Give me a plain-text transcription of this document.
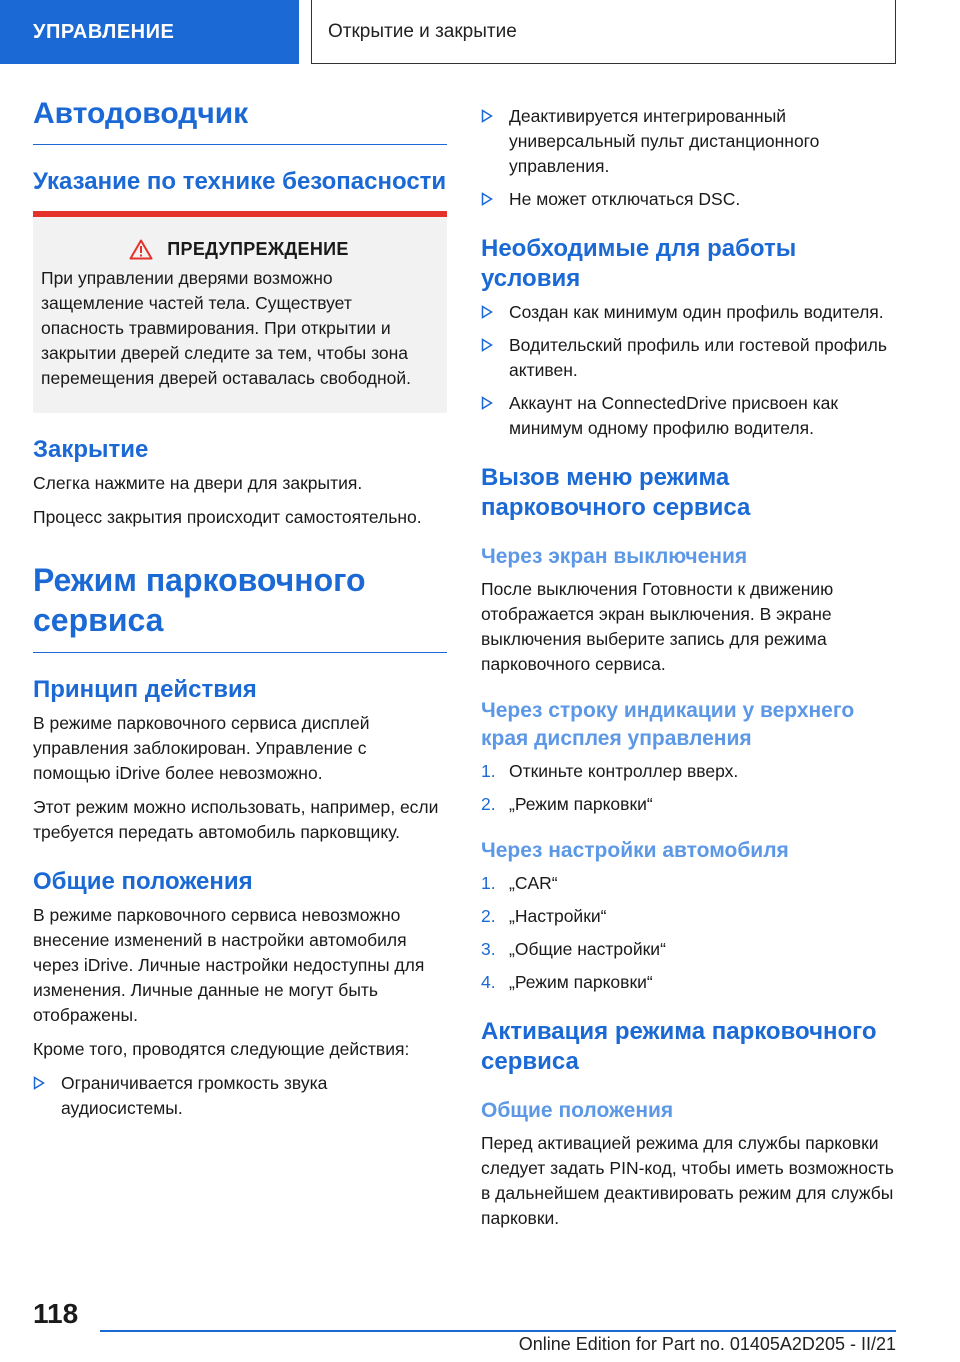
УПРАВЛЕНИЕ	Открытие и закрытие
Автодоводчик
Указание по технике безопасности
ПРЕДУПРЕЖДЕНИЕ

При управлении дверями возможно защемление частей тела. Существует опасность травмирования. При открытии и закрытии дверей следите за тем, чтобы зона перемещения дверей оставалась свободной.

Закрытие

Слегка нажмите на двери для закрытия.

Процесс закрытия происходит самостоятельно.

Режим парковочного сервиса
Принцип действия

В режиме парковочного сервиса дисплей управления заблокирован. Управление с помощью iDrive более невозможно.

Этот режим можно использовать, например, если требуется передать автомобиль парковщику.

Общие положения

В режиме парковочного сервиса невозможно внесение изменений в настройки автомобиля через iDrive. Личные настройки недоступны для изменения. Личные данные не могут быть отображены.

Кроме того, проводятся следующие действия:

Ограничивается громкость звука аудиосистемы.
Деактивируется интегрированный универсальный пульт дистанционного управления.
Не может отключаться DSC.
Необходимые для работы условия
Создан как минимум один профиль водителя.
Водительский профиль или гостевой профиль активен.
Аккаунт на ConnectedDrive присвоен как минимум одному профилю водителя.
Вызов меню режима парковочного сервиса
Через экран выключения

После выключения Готовности к движению отображается экран выключения. В экране выключения выберите запись для режима парковочного сервиса.

Через строку индикации у верхнего края дисплея управления
1. Откиньте контроллер вверх.
2. „Режим парковки“
Через настройки автомобиля
1. „CAR“
2. „Настройки“
3. „Общие настройки“
4. „Режим парковки“
Активация режима парковочного сервиса
Общие положения

Перед активацией режима для службы парковки следует задать PIN-код, чтобы иметь возможность в дальнейшем деактивировать режим для службы парковки.

118
Online Edition for Part no. 01405A2D205 - II/21
